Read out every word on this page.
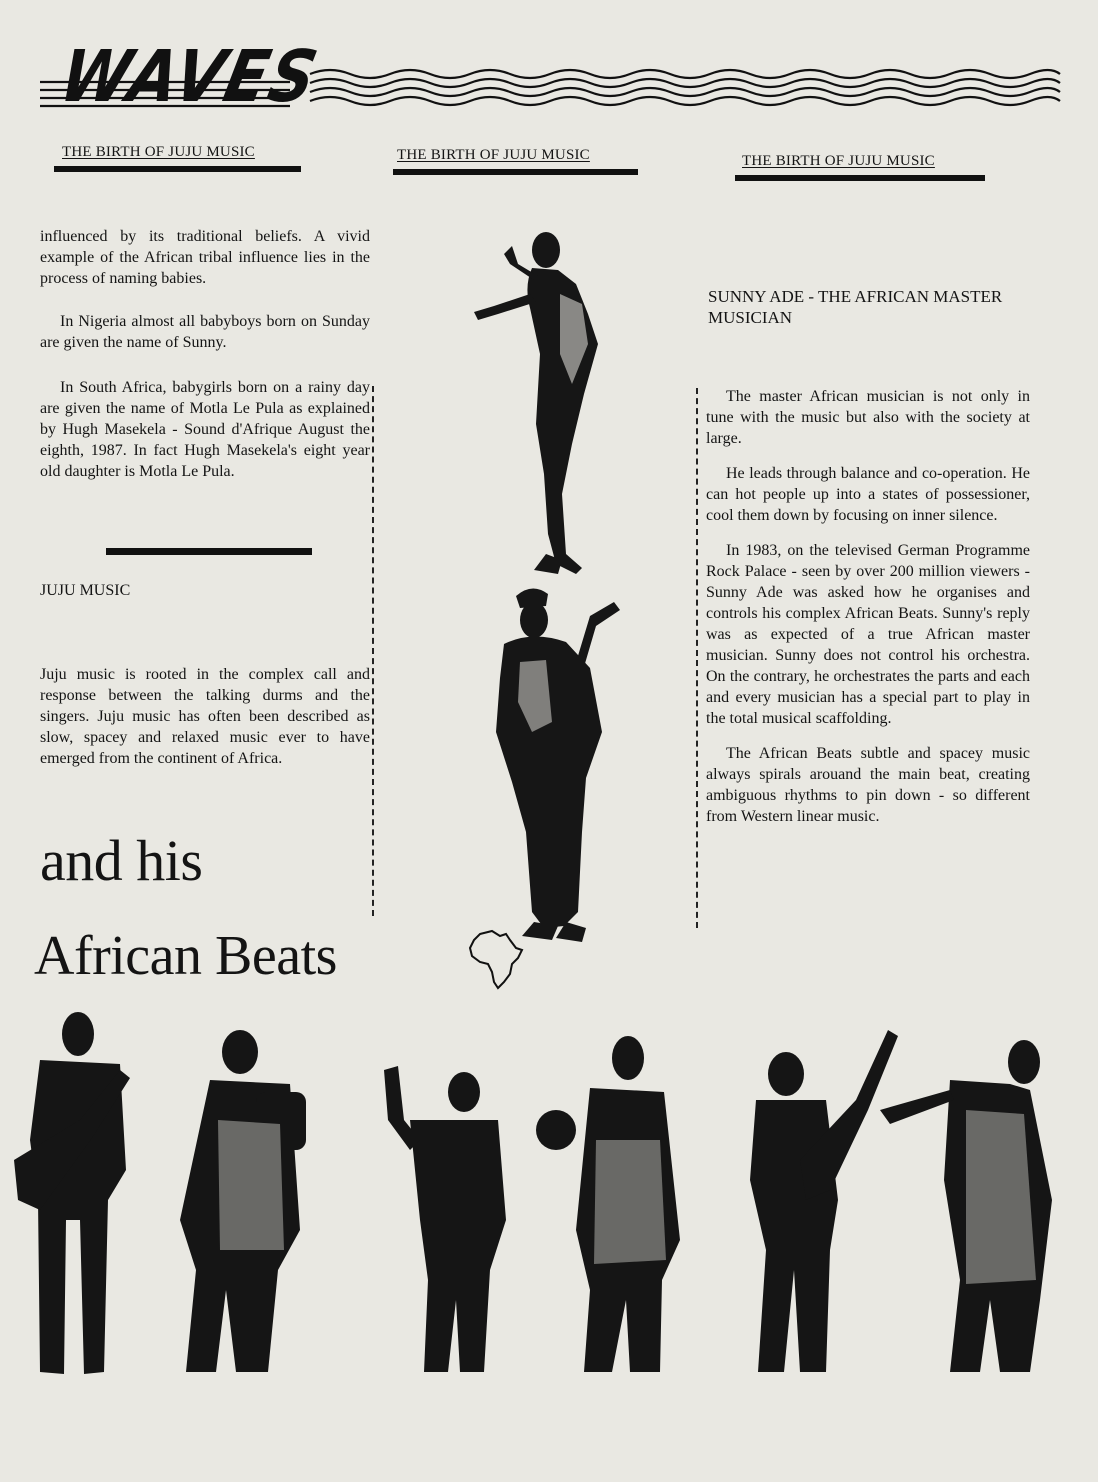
WAVES
THE BIRTH OF JUJU MUSIC	THE BIRTH OF JUJU MUSIC	THE BIRTH OF JUJU MUSIC

influenced by its traditional beliefs. A vivid example of the African tribal influence lies in the process of naming babies.

In Nigeria almost all babyboys born on Sunday are given the name of Sunny.

In South Africa, babygirls born on a rainy day are given the name of Motla Le Pula as explained by Hugh Masekela - Sound d'Afrique August the eighth, 1987. In fact Hugh Masekela's eight year old daughter is Motla Le Pula.

JUJU MUSIC
Juju music is rooted in the complex call and response between the talking durms and the singers. Juju music has often been described as slow, spacey and relaxed music ever to have emerged from the continent of Africa.
and his
African Beats
SUNNY ADE - THE AFRICAN MASTER MUSICIAN

The master African musician is not only in tune with the music but also with the society at large.

He leads through balance and co-operation. He can hot people up into a states of possessioner, cool them down by focusing on inner silence.

In 1983, on the televised German Programme Rock Palace - seen by over 200 million viewers - Sunny Ade was asked how he organises and controls his complex African Beats. Sunny's reply was as expected of a true African master musician. Sunny does not control his orchestra. On the contrary, he orchestrates the parts and each and every musician has a special part to play in the total musical scaffolding.

The African Beats subtle and spacey music always spirals arouand the main beat, creating ambiguous rhythms to pin down - so different from Western linear music.
